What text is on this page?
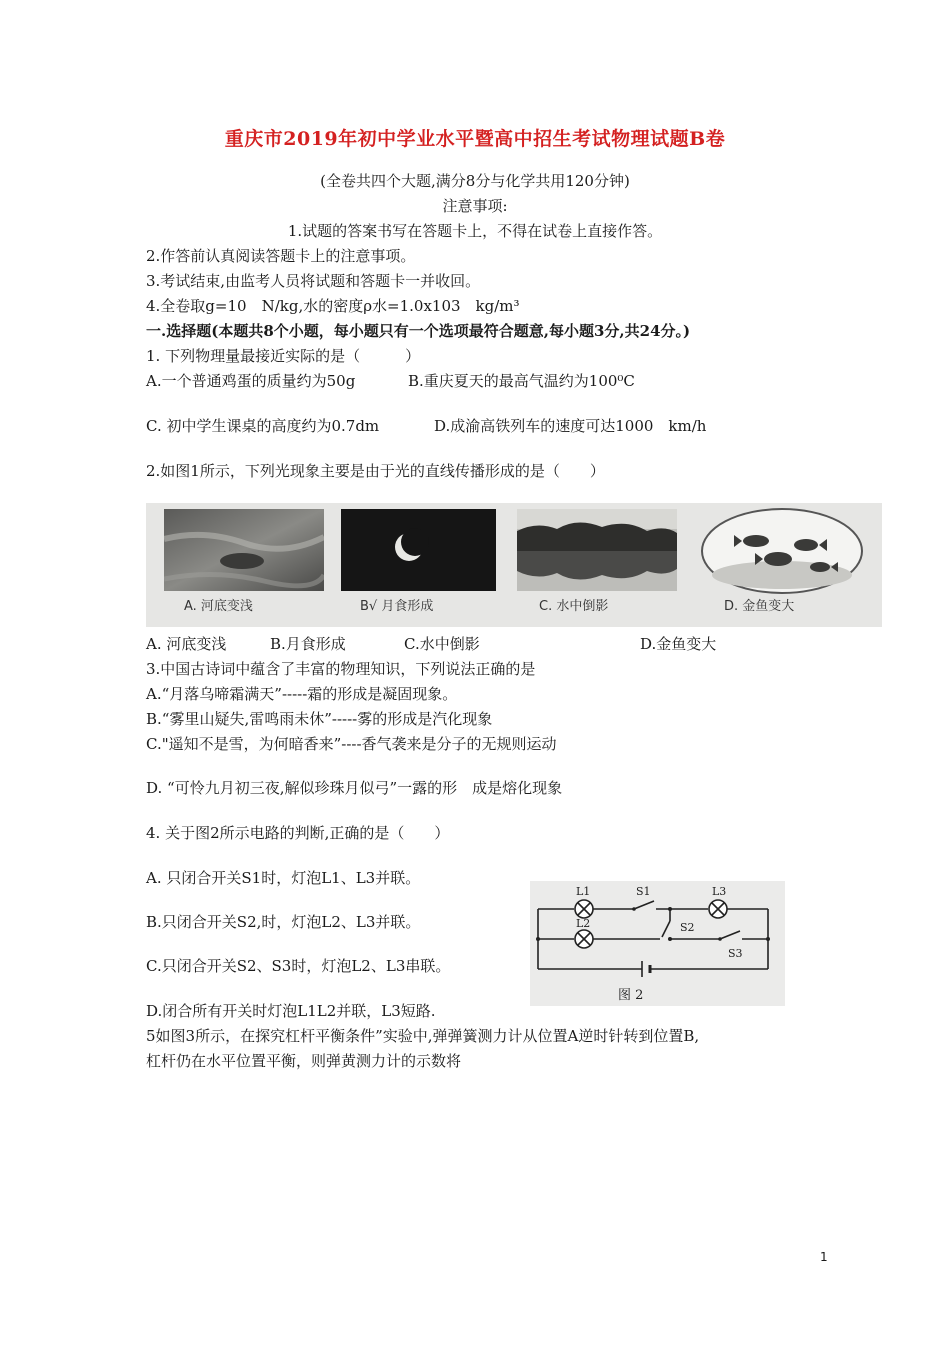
重庆市2019年初中学业水平暨高中招生考试物理试题B卷
(全卷共四个大题,满分8分与化学共用120分钟)
注意事项:
1.试题的答案书写在答题卡上，不得在试卷上直接作答。
2.作答前认真阅读答题卡上的注意事项。
3.考试结束,由监考人员将试题和答题卡一并收回。
4.全卷取g=10　N/kg,水的密度ρ水=1.0x103　kg/m³
一.选择题(本题共8个小题，每小题只有一个选项最符合题意,每小题3分,共24分。)
1. 下列物理量最接近实际的是（　　　）
A.一个普通鸡蛋的质量约为50g	B.重庆夏天的最高气温约为100⁰C
C. 初中学生课桌的高度约为0.7dm	D.成渝高铁列车的速度可达1000　km/h
2.如图1所示，下列光现象主要是由于光的直线传播形成的是（　　）
A. 河底变浅	B√ 月食形成	C. 水中倒影	D. 金鱼变大
A. 河底变浅	B.月食形成	C.水中倒影	D.金鱼变大
3.中国古诗词中蕴含了丰富的物理知识，下列说法正确的是
A.“月落乌啼霜满天”-----霜的形成是凝固现象。
B.“雾里山疑失,雷鸣雨未休”-----雾的形成是汽化现象
C."遥知不是雪，为何暗香来”----香气袭来是分子的无规则运动
D. “可怜九月初三夜,解似珍珠月似弓”一露的形　成是熔化现象
4. 关于图2所示电路的判断,正确的是（　　）
A. 只闭合开关S1时，灯泡L1、L3并联。
B.只闭合开关S2,时，灯泡L2、L3并联。
C.只闭合开关S2、S3时，灯泡L2、L3串联。
D.闭合所有开关时灯泡L1L2并联，L3短路.
L1	S1	L3
L2	S2
S3
图 2
5如图3所示，在探究杠杆平衡条件”实验中,弹弹簧测力计从位置A逆时针转到位置B,
杠杆仍在水平位置平衡，则弹黄测力计的示数将
1
